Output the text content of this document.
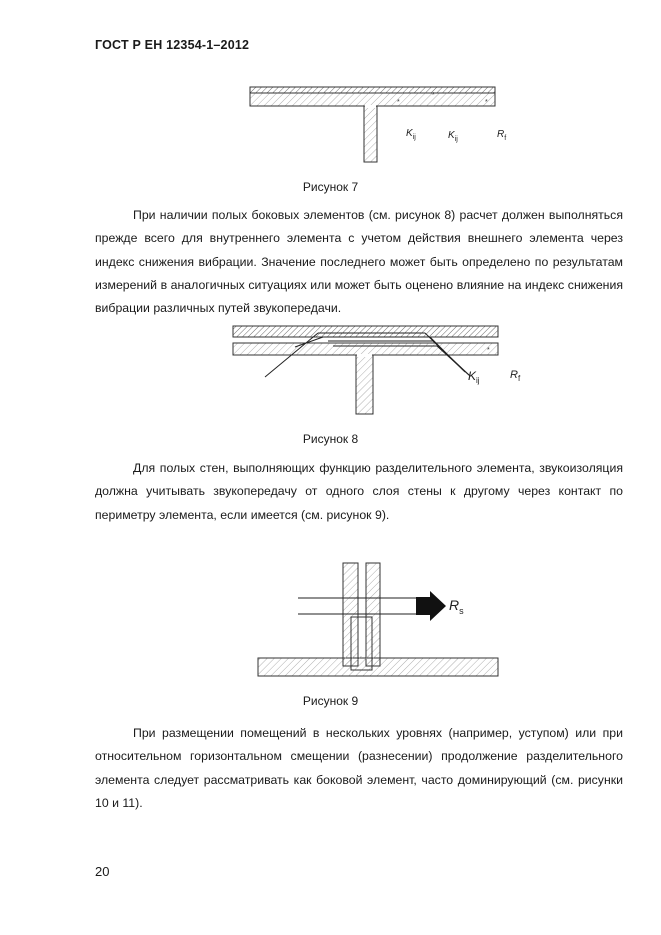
ГОСТ Р ЕН 12354-1–2012
$K_{ij}$	$K_{ij}$	$R_f$
*
*
*
Рисунок 7

При наличии полых боковых элементов (см. рисунок 8) расчет должен выполняться прежде всего для внутреннего элемента с учетом действия внешнего элемента через индекс снижения вибрации. Значение последнего может быть определено по результатам измерений в аналогичных ситуациях или может быть оценено влияние на индекс снижения вибрации различных путей звукопередачи.

*
$K_{ij}$	$R_f$
Рисунок 8

Для полых стен, выполняющих функцию разделительного элемента, звукоизоляция должна учитывать звукопередачу от одного слоя стены к другому через контакт по периметру элемента, если имеется (см. рисунок 9).

$R_s$
Рисунок 9

При размещении помещений в нескольких уровнях (например, уступом) или при относительном горизонтальном смещении (разнесении) продолжение разделительного элемента следует рассматривать как боковой элемент, часто доминирующий (см. рисунки 10 и 11).

20
